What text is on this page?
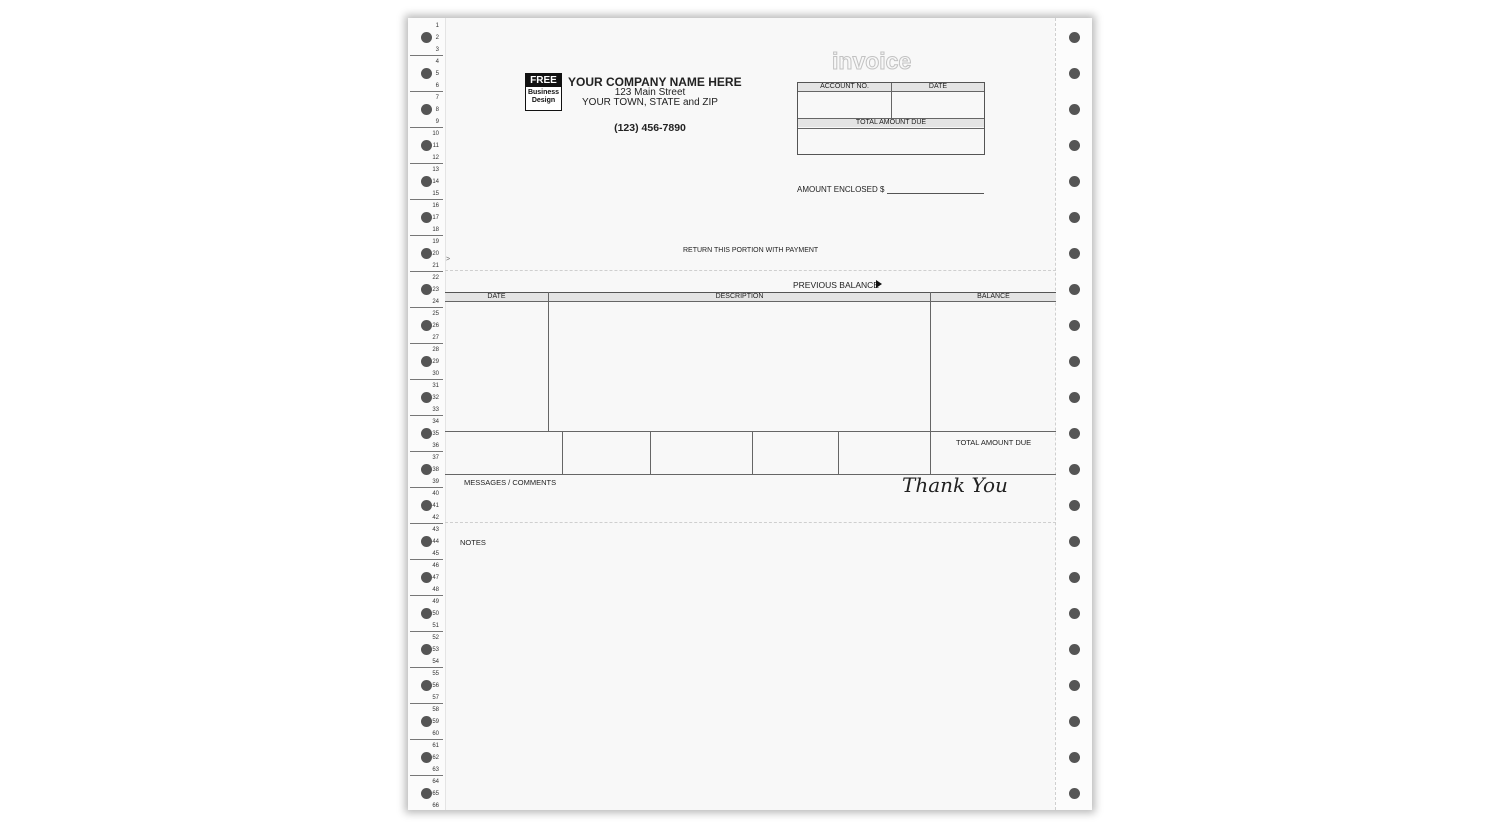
FREE
Business
Design
YOUR COMPANY NAME HERE
123 Main Street
YOUR TOWN, STATE and ZIP
(123) 456-7890
invoice
ACCOUNT NO.	DATE
TOTAL AMOUNT DUE
AMOUNT ENCLOSED $
RETURN THIS PORTION WITH PAYMENT
>
PREVIOUS BALANCE
DATE	DESCRIPTION	BALANCE
TOTAL AMOUNT DUE
MESSAGES / COMMENTS	Thank You
NOTES
1
2
3
4
5
6
7
8
9
10
11
12
13
14
15
16
17
18
19
20
21
22
23
24
25
26
27
28
29
30
31
32
33
34
35
36
37
38
39
40
41
42
43
44
45
46
47
48
49
50
51
52
53
54
55
56
57
58
59
60
61
62
63
64
65
66
